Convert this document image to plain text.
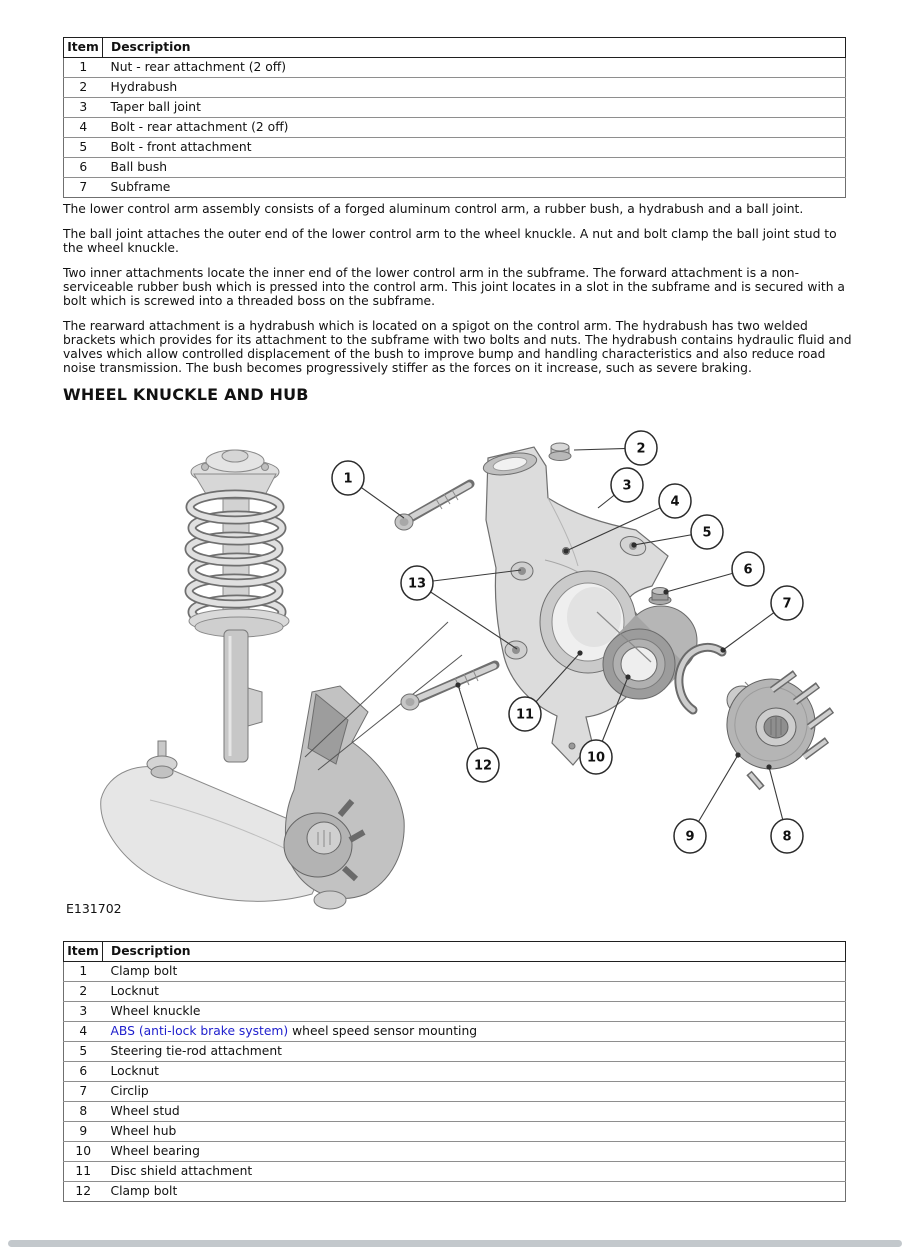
Item	Description
1	Nut - rear attachment (2 off)
2	Hydrabush
3	Taper ball joint
4	Bolt - rear attachment (2 off)
5	Bolt - front attachment
6	Ball bush
7	Subframe

The lower control arm assembly consists of a forged aluminum control arm, a rubber bush, a hydrabush and a ball joint.

The ball joint attaches the outer end of the lower control arm to the wheel knuckle. A nut and bolt clamp the ball joint stud to the wheel knuckle.

Two inner attachments locate the inner end of the lower control arm in the subframe. The forward attachment is a non-serviceable rubber bush which is pressed into the control arm. This joint locates in a slot in the subframe and is secured with a bolt which is screwed into a threaded boss on the subframe.

The rearward attachment is a hydrabush which is located on a spigot on the control arm. The hydrabush has two welded brackets which provides for its attachment to the subframe with two bolts and nuts. The hydrabush contains hydraulic fluid and valves which allow controlled displacement of the bush to improve bump and handling characteristics and also reduce road noise transmission. The bush becomes progressively stiffer as the forces on it increase, such as severe braking.

WHEEL KNUCKLE AND HUB
1
2
3
4
5
6
7
8
9
10
11
12
13
E131702
Item	Description
1	Clamp bolt
2	Locknut
3	Wheel knuckle
4	ABS (anti-lock brake system) wheel speed sensor mounting
5	Steering tie-rod attachment
6	Locknut
7	Circlip
8	Wheel stud
9	Wheel hub
10	Wheel bearing
11	Disc shield attachment
12	Clamp bolt
